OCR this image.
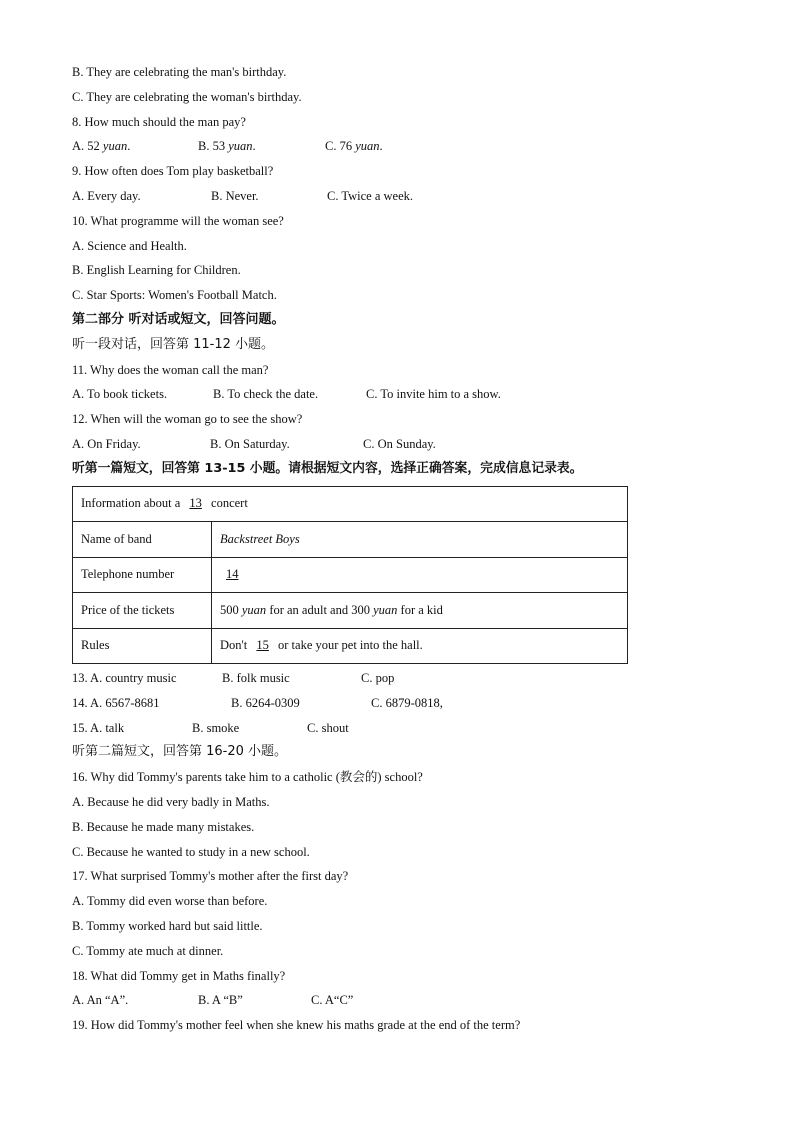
B. They are celebrating the man's birthday.
C. They are celebrating the woman's birthday.
8. How much should the man pay?
A. 52 yuan.	B. 53 yuan.	C. 76 yuan.
9. How often does Tom play basketball?
A. Every day.	B. Never.	C. Twice a week.
10. What programme will the woman see?
A. Science and Health.
B. English Learning for Children.
C. Star Sports: Women's Football Match.
第二部分 听对话或短文，回答问题。
听一段对话，回答第 11-12 小题。
11. Why does the woman call the man?
A. To book tickets.	B. To check the date.	C. To invite him to a show.
12. When will the woman go to see the show?
A. On Friday.	B. On Saturday.	C. On Sunday.
听第一篇短文，回答第 13-15 小题。请根据短文内容，选择正确答案，完成信息记录表。
Information about a 13 concert	
Name of band	Backstreet Boys
Telephone number	14
Price of the tickets	500 yuan for an adult and 300 yuan for a kid
Rules	Don't 15 or take your pet into the hall.
13. A. country music	B. folk music	C. pop
14. A. 6567-8681	B. 6264-0309	C. 6879-0818,
15. A. talk	B. smoke	C. shout
听第二篇短文，回答第 16-20 小题。
16. Why did Tommy's parents take him to a catholic (教会的) school?
A. Because he did very badly in Maths.
B. Because he made many mistakes.
C. Because he wanted to study in a new school.
17. What surprised Tommy's mother after the first day?
A. Tommy did even worse than before.
B. Tommy worked hard but said little.
C. Tommy ate much at dinner.
18. What did Tommy get in Maths finally?
A. An “A”.	B. A “B”	C. A“C”
19. How did Tommy's mother feel when she knew his maths grade at the end of the term?
